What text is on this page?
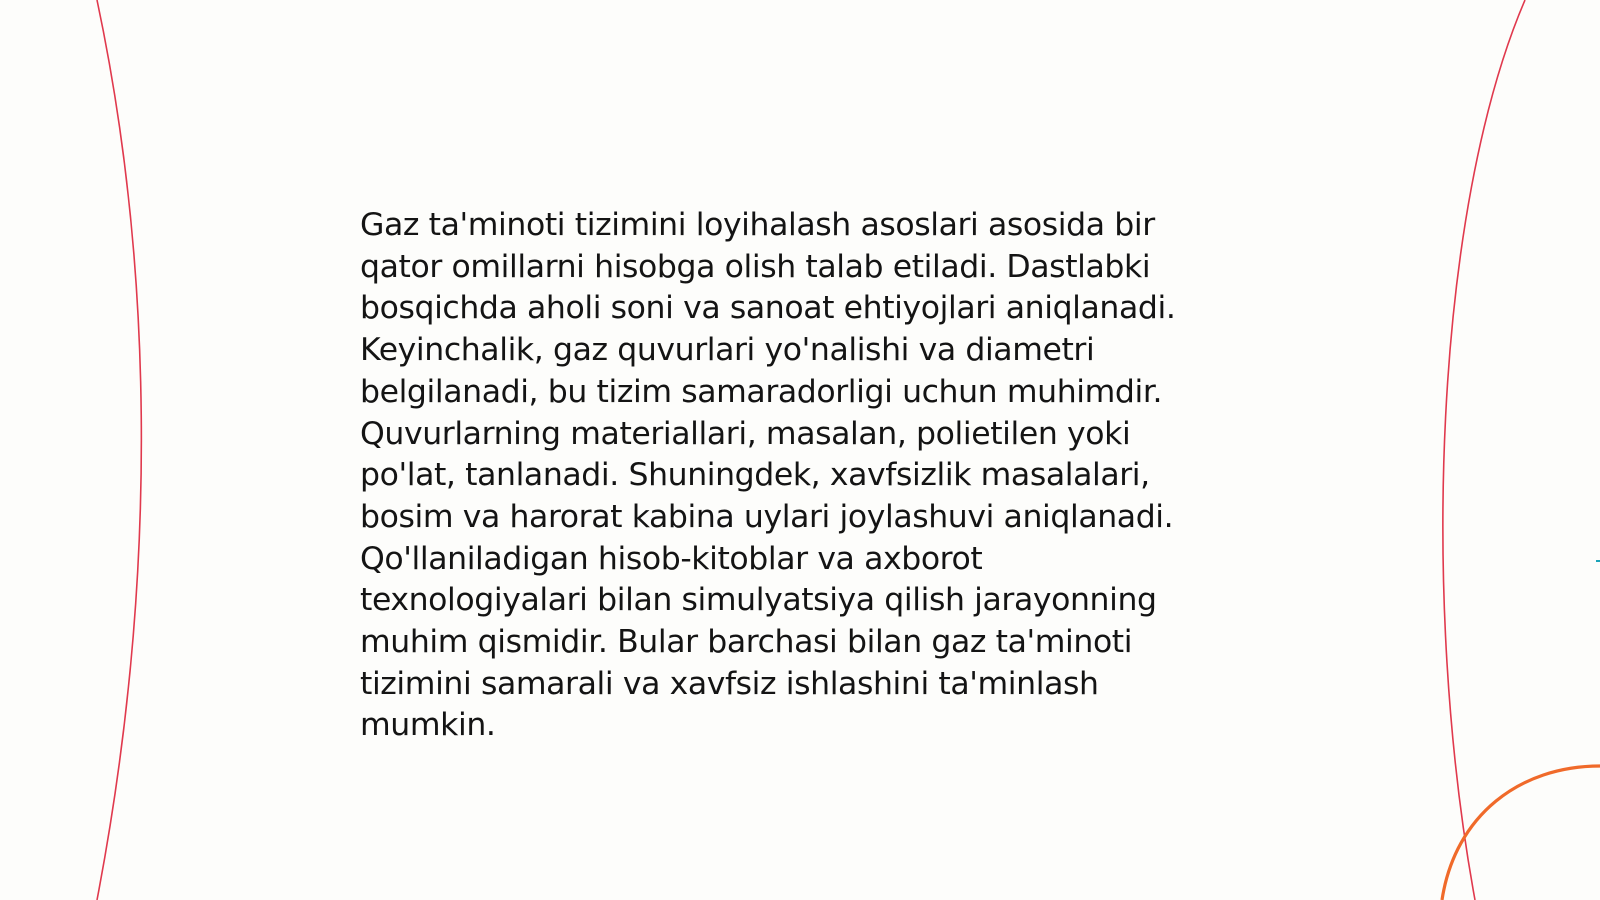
Gaz ta'minoti tizimini loyihalash asoslari asosida bir
qator omillarni hisobga olish talab etiladi. Dastlabki
bosqichda aholi soni va sanoat ehtiyojlari aniqlanadi.
Keyinchalik, gaz quvurlari yo'nalishi va diametri
belgilanadi, bu tizim samaradorligi uchun muhimdir.
Quvurlarning materiallari, masalan, polietilen yoki
po'lat, tanlanadi. Shuningdek, xavfsizlik masalalari,
bosim va harorat kabina uylari joylashuvi aniqlanadi.
Qo'llaniladigan hisob-kitoblar va axborot
texnologiyalari bilan simulyatsiya qilish jarayonning
muhim qismidir. Bular barchasi bilan gaz ta'minoti
tizimini samarali va xavfsiz ishlashini ta'minlash
mumkin.
